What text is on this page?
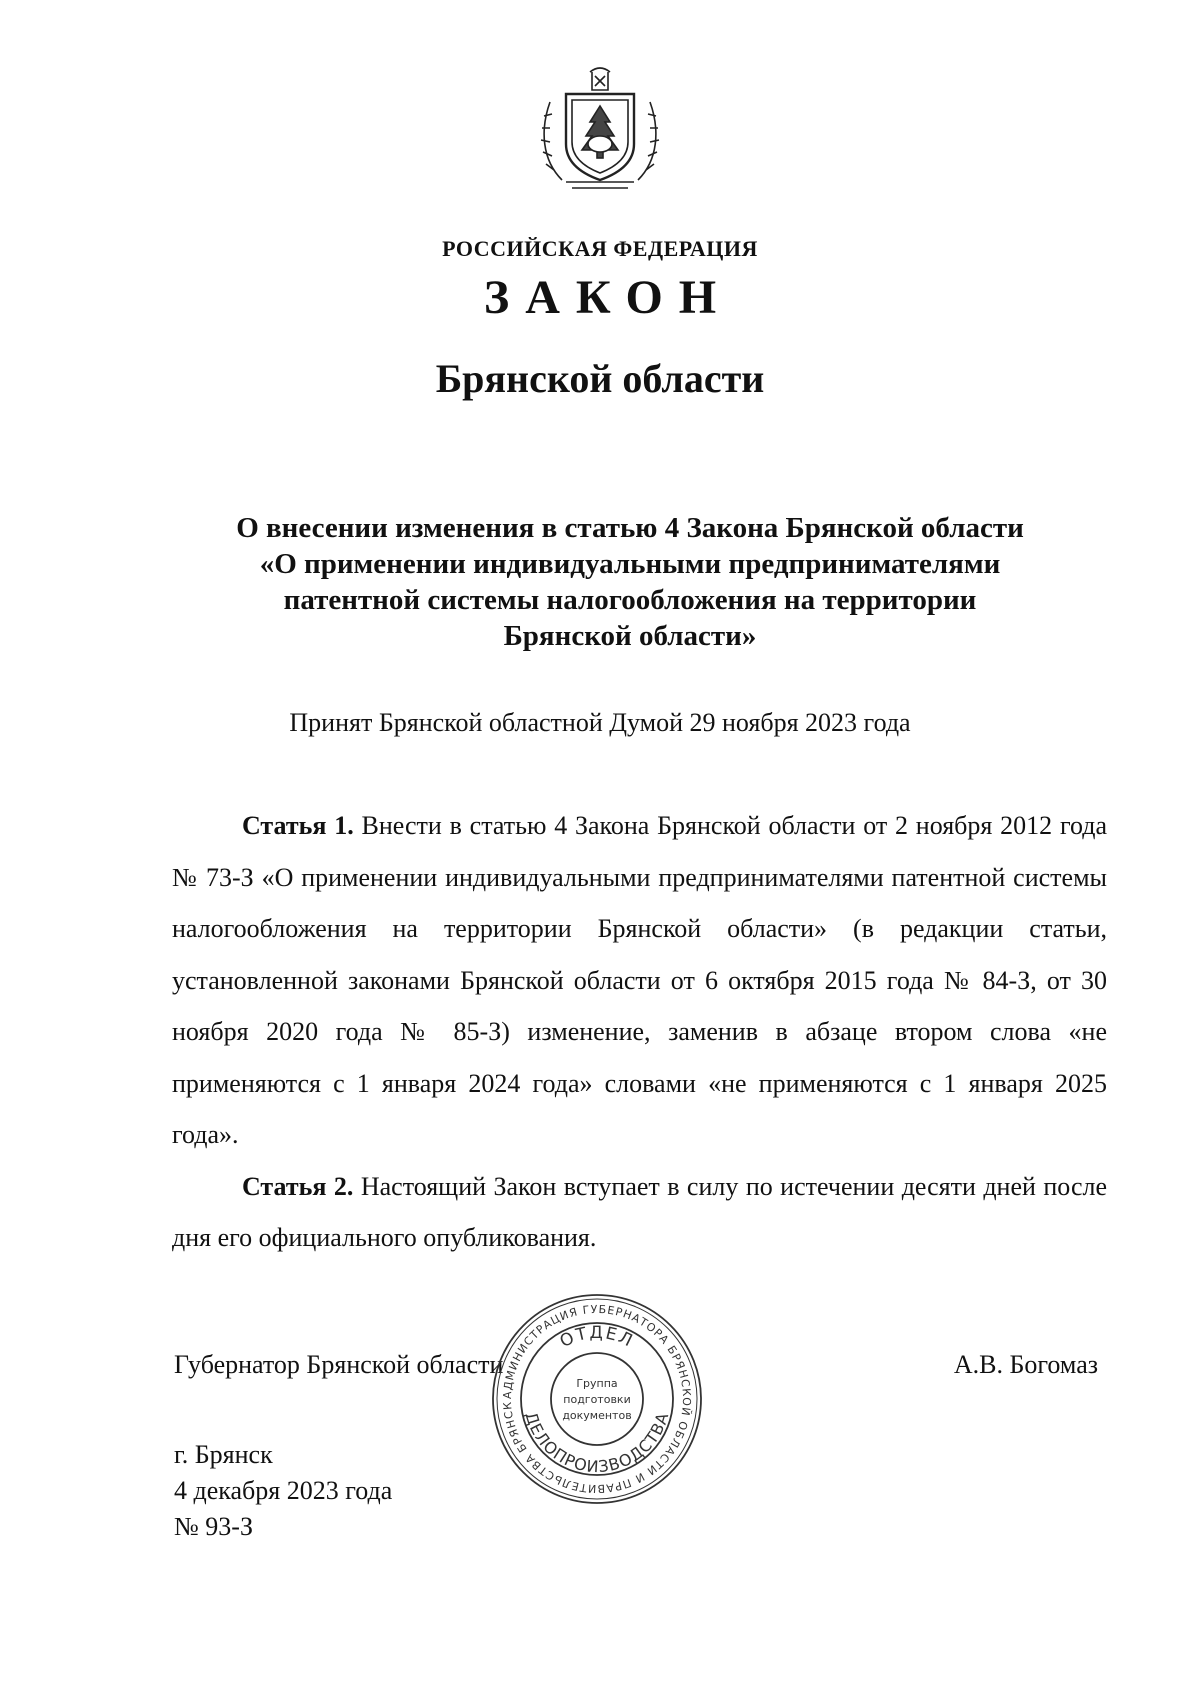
РОССИЙСКАЯ ФЕДЕРАЦИЯ
ЗАКОН
Брянской области
О внесении изменения в статью 4 Закона Брянской области
«О применении индивидуальными предпринимателями
патентной системы налогообложения на территории
Брянской области»
Принят Брянской областной Думой 29 ноября 2023 года

Статья 1. Внести в статью 4 Закона Брянской области от 2 ноября 2012 года № 73-З «О применении индивидуальными предпринимателями патентной системы налогообложения на территории Брянской области» (в редакции статьи, установленной законами Брянской области от 6 октября 2015 года № 84-З, от 30 ноября 2020 года № 85-З) изменение, заменив в абзаце втором слова «не применяются с 1 января 2024 года» словами «не применяются с 1 января 2025 года».

Статья 2. Настоящий Закон вступает в силу по истечении десяти дней после дня его официального опубликования.

Губернатор Брянской области	А.В. Богомаз
г. Брянск
4 декабря 2023 года
№ 93-З
АДМИНИСТРАЦИЯ ГУБЕРНАТОРА БРЯНСКОЙ ОБЛАСТИ И ПРАВИТЕЛЬСТВА БРЯНСК
ОТДЕЛ
ДЕЛОПРОИЗВОДСТВА
Группа
подготовки
документов
